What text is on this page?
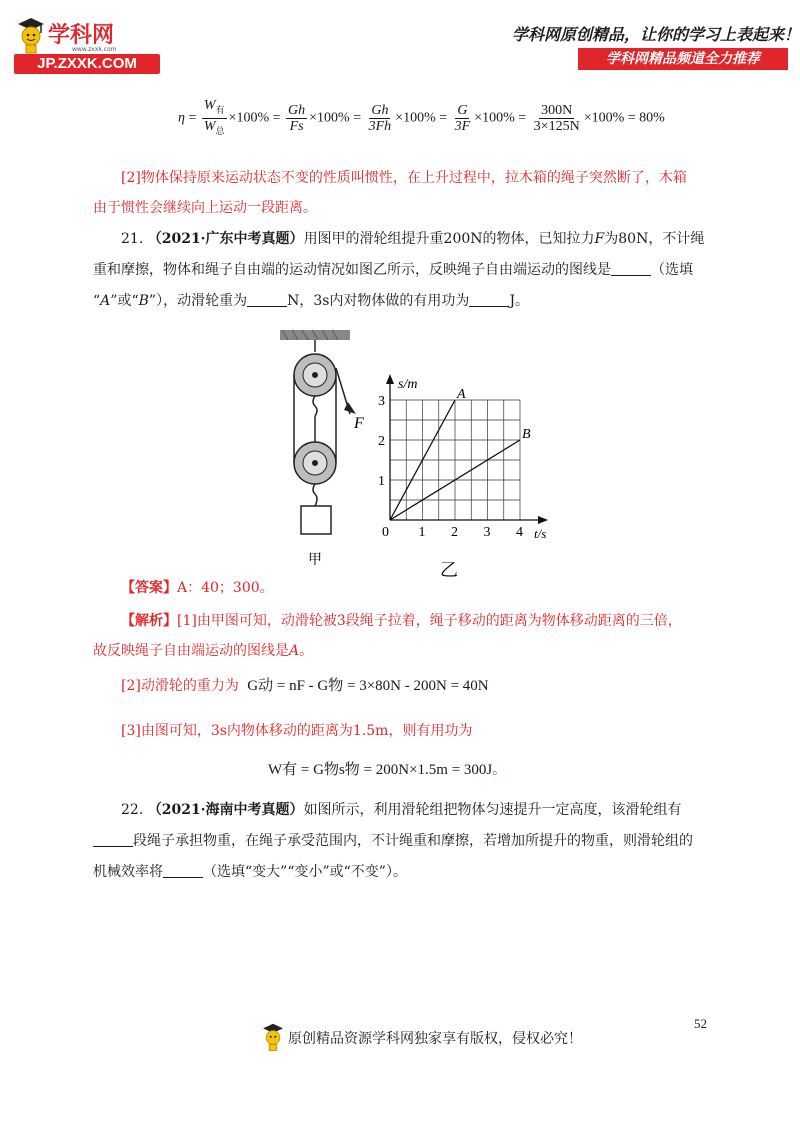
学科网
www.zxxk.com
JP.ZXXK.COM
学科网原创精品，让你的学习上表起来！
学科网精品频道全力推荐
$\eta = \frac{W_有}{W_总} \times 100\% = \frac{Gh}{Fs} \times 100\% = \frac{Gh}{3Fh} \times 100\% = \frac{G}{3F} \times 100\% = \frac{300N}{3\times 125N} \times 100\% = 80\%$
[2]物体保持原来运动状态不变的性质叫惯性，在上升过程中，拉木箱的绳子突然断了，木箱
由于惯性会继续向上运动一段距离。
21. （2021·广东中考真题）用图甲的滑轮组提升重200N的物体，已知拉力F为80N，不计绳
重和摩擦，物体和绳子自由端的运动情况如图乙所示，反映绳子自由端运动的图线是	（选填
“A”或“B”），动滑轮重为	N，3s内对物体做的有用功为	J。
F
甲
A
B
0 1 2 3 4
1
2
3
s/m
t/s
乙
【答案】A：40；300。
【解析】[1]由甲图可知，动滑轮被3段绳子拉着，绳子移动的距离为物体移动距离的三倍，
故反映绳子自由端运动的图线是A。
[2]动滑轮的重力为 G动 = nF - G物 = 3×80N - 200N = 40N
[3]由图可知，3s内物体移动的距离为1.5m，则有用功为
W有 = G物s物 = 200N×1.5m = 300J。
22. （2021·海南中考真题）如图所示，利用滑轮组把物体匀速提升一定高度，该滑轮组有
段绳子承担物重，在绳子承受范围内，不计绳重和摩擦，若增加所提升的物重，则滑轮组的
机械效率将	（选填“变大”“变小”或“不变”）。
52
原创精品资源学科网独家享有版权，侵权必究！
